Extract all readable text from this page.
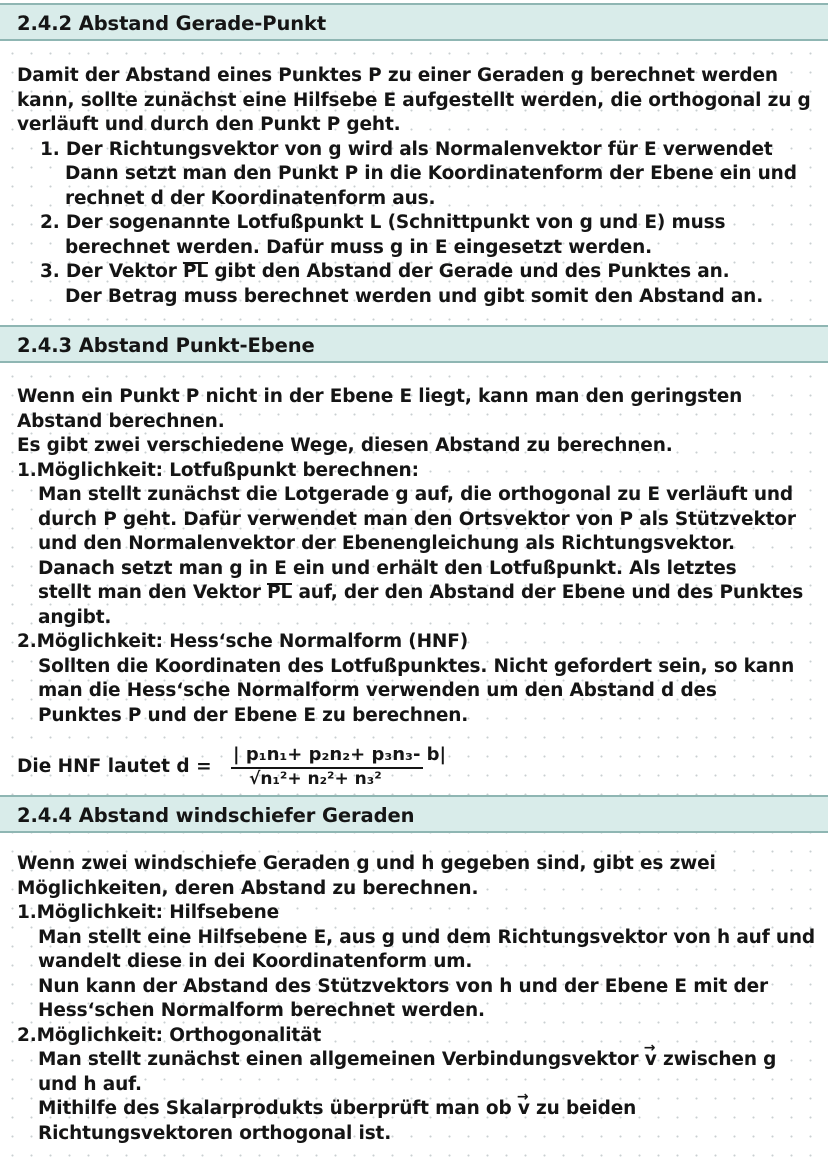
2.4.2 Abstand Gerade-Punkt
Damit der Abstand eines Punktes P zu einer Geraden g berechnet werden
kann, sollte zunächst eine Hilfsebe E aufgestellt werden, die orthogonal zu g
verläuft und durch den Punkt P geht.
1. Der Richtungsvektor von g wird als Normalenvektor für E verwendet
Dann setzt man den Punkt P in die Koordinatenform der Ebene ein und
rechnet d der Koordinatenform aus.
2. Der sogenannte Lotfußpunkt L (Schnittpunkt von g und E) muss
berechnet werden. Dafür muss g in E eingesetzt werden.
3. Der Vektor PL gibt den Abstand der Gerade und des Punktes an.
Der Betrag muss berechnet werden und gibt somit den Abstand an.
2.4.3 Abstand Punkt-Ebene
Wenn ein Punkt P nicht in der Ebene E liegt, kann man den geringsten
Abstand berechnen.
Es gibt zwei verschiedene Wege, diesen Abstand zu berechnen.
1.Möglichkeit: Lotfußpunkt berechnen:
Man stellt zunächst die Lotgerade g auf, die orthogonal zu E verläuft und
durch P geht. Dafür verwendet man den Ortsvektor von P als Stützvektor
und den Normalenvektor der Ebenengleichung als Richtungsvektor.
Danach setzt man g in E ein und erhält den Lotfußpunkt. Als letztes
stellt man den Vektor PL auf, der den Abstand der Ebene und des Punktes
angibt.
2.Möglichkeit: Hess‘sche Normalform (HNF)
Sollten die Koordinaten des Lotfußpunktes. Nicht gefordert sein, so kann
man die Hess‘sche Normalform verwenden um den Abstand d des
Punktes P und der Ebene E zu berechnen.
Die HNF lautet d =
| p₁n₁+ p₂n₂+ p₃n₃- b|
√n₁²+ n₂²+ n₃²
2.4.4 Abstand windschiefer Geraden
Wenn zwei windschiefe Geraden g und h gegeben sind, gibt es zwei
Möglichkeiten, deren Abstand zu berechnen.
1.Möglichkeit: Hilfsebene
Man stellt eine Hilfsebene E, aus g und dem Richtungsvektor von h auf und
wandelt diese in dei Koordinatenform um.
Nun kann der Abstand des Stützvektors von h und der Ebene E mit der
Hess‘schen Normalform berechnet werden.
2.Möglichkeit: Orthogonalität
Man stellt zunächst einen allgemeinen Verbindungsvektor → v zwischen g
und h auf.
Mithilfe des Skalarprodukts überprüft man ob → v zu beiden
Richtungsvektoren orthogonal ist.
